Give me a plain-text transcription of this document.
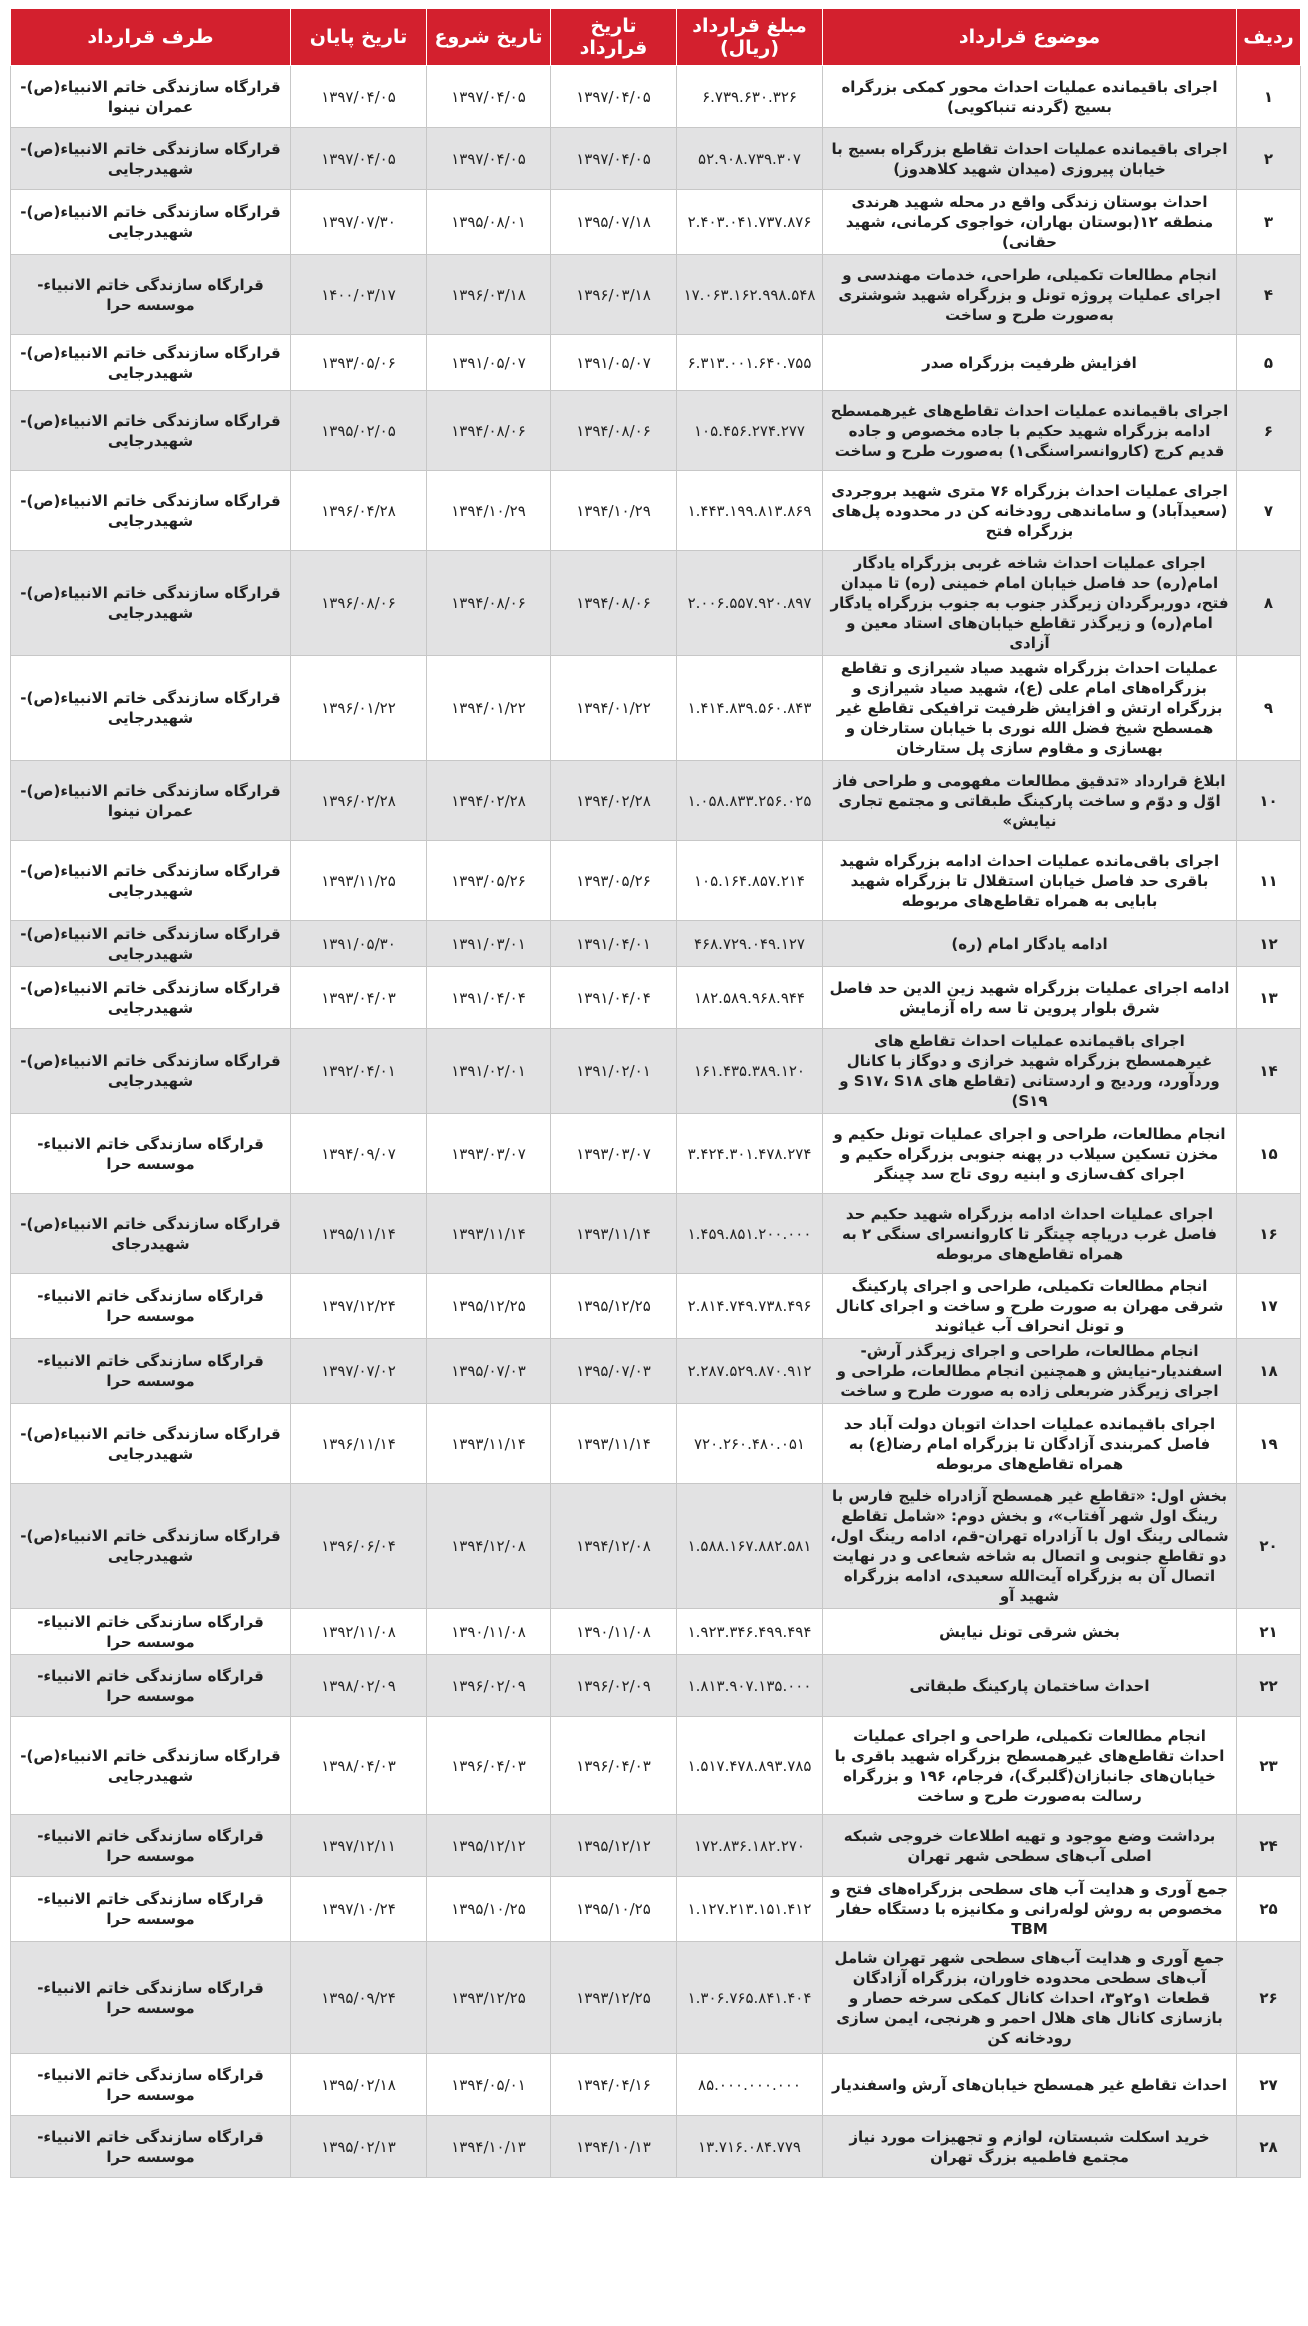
ردیف	موضوع قرارداد	مبلغ قرارداد (ریال)	تاریخ قرارداد	تاریخ شروع	تاریخ پایان	طرف قرارداد
۱	اجرای باقیمانده عملیات احداث محور کمکی بزرگراه بسیج (گردنه تنباکویی)	۶.۷۳۹.۶۳۰.۳۲۶	۱۳۹۷/۰۴/۰۵	۱۳۹۷/۰۴/۰۵	۱۳۹۷/۰۴/۰۵	قرارگاه سازندگی خاتم الانبیاء(ص)-عمران نینوا
۲	اجرای باقیمانده عملیات احداث تقاطع بزرگراه بسیج با خیابان پیروزی (میدان شهید کلاهدوز)	۵۲.۹۰۸.۷۳۹.۳۰۷	۱۳۹۷/۰۴/۰۵	۱۳۹۷/۰۴/۰۵	۱۳۹۷/۰۴/۰۵	قرارگاه سازندگی خاتم الانبیاء(ص)-شهیدرجایی
۳	احداث بوستان زندگی واقع در محله شهید هرندی منطقه ۱۲(بوستان بهاران، خواجوی کرمانی، شهید حقانی)	۲.۴۰۳.۰۴۱.۷۳۷.۸۷۶	۱۳۹۵/۰۷/۱۸	۱۳۹۵/۰۸/۰۱	۱۳۹۷/۰۷/۳۰	قرارگاه سازندگی خاتم الانبیاء(ص)-شهیدرجایی
۴	انجام مطالعات تکمیلی، طراحی، خدمات مهندسی و اجرای عملیات پروژه تونل و بزرگراه شهید شوشتری به‌صورت طرح و ساخت	۱۷.۰۶۳.۱۶۲.۹۹۸.۵۴۸	۱۳۹۶/۰۳/۱۸	۱۳۹۶/۰۳/۱۸	۱۴۰۰/۰۳/۱۷	قرارگاه سازندگی خاتم الانبیاء-موسسه حرا
۵	افزایش ظرفیت بزرگراه صدر	۶.۳۱۳.۰۰۱.۶۴۰.۷۵۵	۱۳۹۱/۰۵/۰۷	۱۳۹۱/۰۵/۰۷	۱۳۹۳/۰۵/۰۶	قرارگاه سازندگی خاتم الانبیاء(ص)-شهیدرجایی
۶	اجرای باقیمانده عملیات احداث تقاطع‌های غیرهمسطح ادامه بزرگراه شهید حکیم با جاده مخصوص و جاده قدیم کرج (کاروانسراسنگی۱) به‌صورت طرح و ساخت	۱۰۵.۴۵۶.۲۷۴.۲۷۷	۱۳۹۴/۰۸/۰۶	۱۳۹۴/۰۸/۰۶	۱۳۹۵/۰۲/۰۵	قرارگاه سازندگی خاتم الانبیاء(ص)-شهیدرجایی
۷	اجرای عملیات احداث بزرگراه ۷۶ متری شهید بروجردی (سعیدآباد) و ساماندهی رودخانه کن در محدوده پل‌های بزرگراه فتح	۱.۴۴۳.۱۹۹.۸۱۳.۸۶۹	۱۳۹۴/۱۰/۲۹	۱۳۹۴/۱۰/۲۹	۱۳۹۶/۰۴/۲۸	قرارگاه سازندگی خاتم الانبیاء(ص)-شهیدرجایی
۸	اجرای عملیات احداث شاخه غربی بزرگراه یادگار امام(ره) حد فاصل خیابان امام خمینی (ره) تا میدان فتح، دوربرگردان زیرگذر جنوب به جنوب بزرگراه یادگار امام(ره) و زیرگذر تقاطع خیابان‌های استاد معین و آزادی	۲.۰۰۶.۵۵۷.۹۲۰.۸۹۷	۱۳۹۴/۰۸/۰۶	۱۳۹۴/۰۸/۰۶	۱۳۹۶/۰۸/۰۶	قرارگاه سازندگی خاتم الانبیاء(ص)-شهیدرجایی
۹	عملیات احداث بزرگراه شهید صیاد شیرازی و تقاطع بزرگراه‌های امام علی (ع)، شهید صیاد شیرازی و بزرگراه ارتش و افزایش ظرفیت ترافیکی تقاطع غیر همسطح شیخ فضل الله نوری با خیابان ستارخان و بهسازی و مقاوم سازی پل ستارخان	۱.۴۱۴.۸۳۹.۵۶۰.۸۴۳	۱۳۹۴/۰۱/۲۲	۱۳۹۴/۰۱/۲۲	۱۳۹۶/۰۱/۲۲	قرارگاه سازندگی خاتم الانبیاء(ص)-شهیدرجایی
۱۰	ابلاغ قرارداد «تدقیق مطالعات مفهومی و طراحی فاز اوّل و دوّم و ساخت پارکینگ طبقاتی و مجتمع تجاری نیایش»	۱.۰۵۸.۸۳۳.۲۵۶.۰۲۵	۱۳۹۴/۰۲/۲۸	۱۳۹۴/۰۲/۲۸	۱۳۹۶/۰۲/۲۸	قرارگاه سازندگی خاتم الانبیاء(ص)-عمران نینوا
۱۱	اجرای باقی‌مانده عملیات احداث ادامه بزرگراه شهید باقری حد فاصل خیابان استقلال تا بزرگراه شهید بابایی به همراه تقاطع‌های مربوطه	۱۰۵.۱۶۴.۸۵۷.۲۱۴	۱۳۹۳/۰۵/۲۶	۱۳۹۳/۰۵/۲۶	۱۳۹۳/۱۱/۲۵	قرارگاه سازندگی خاتم الانبیاء(ص)-شهیدرجایی
۱۲	ادامه یادگار امام (ره)	۴۶۸.۷۲۹.۰۴۹.۱۲۷	۱۳۹۱/۰۴/۰۱	۱۳۹۱/۰۳/۰۱	۱۳۹۱/۰۵/۳۰	قرارگاه سازندگی خاتم الانبیاء(ص)-شهیدرجایی
۱۳	ادامه اجرای عملیات بزرگراه شهید زین الدین حد فاصل شرق بلوار پروین تا سه راه آزمایش	۱۸۲.۵۸۹.۹۶۸.۹۴۴	۱۳۹۱/۰۴/۰۴	۱۳۹۱/۰۴/۰۴	۱۳۹۳/۰۴/۰۳	قرارگاه سازندگی خاتم الانبیاء(ص)-شهیدرجایی
۱۴	اجرای باقیمانده عملیات احداث تقاطع های غیرهمسطح بزرگراه شهید خرازی و دوگاز با کانال وردآورد، وردیج و اردستانی (تقاطع های S۱۷، S۱۸ و S۱۹)	۱۶۱.۴۳۵.۳۸۹.۱۲۰	۱۳۹۱/۰۲/۰۱	۱۳۹۱/۰۲/۰۱	۱۳۹۲/۰۴/۰۱	قرارگاه سازندگی خاتم الانبیاء(ص)-شهیدرجایی
۱۵	انجام مطالعات، طراحی و اجرای عملیات تونل حکیم و مخزن تسکین سیلاب در پهنه جنوبی بزرگراه حکیم و اجرای کف‌سازی و ابنیه روی تاج سد چینگر	۳.۴۲۴.۳۰۱.۴۷۸.۲۷۴	۱۳۹۳/۰۳/۰۷	۱۳۹۳/۰۳/۰۷	۱۳۹۴/۰۹/۰۷	قرارگاه سازندگی خاتم الانبیاء-موسسه حرا
۱۶	اجرای عملیات احداث ادامه بزرگراه شهید حکیم حد فاصل غرب دریاچه چیتگر تا کاروانسرای سنگی ۲ به همراه تقاطع‌های مربوطه	۱.۴۵۹.۸۵۱.۲۰۰.۰۰۰	۱۳۹۳/۱۱/۱۴	۱۳۹۳/۱۱/۱۴	۱۳۹۵/۱۱/۱۴	قرارگاه سازندگی خاتم الانبیاء(ص)-شهیدرجای
۱۷	انجام مطالعات تکمیلی، طراحی و اجرای پارکینگ شرقی مهران به صورت طرح و ساخت و اجرای کانال و تونل انحراف آب غیاثوند	۲.۸۱۴.۷۴۹.۷۳۸.۴۹۶	۱۳۹۵/۱۲/۲۵	۱۳۹۵/۱۲/۲۵	۱۳۹۷/۱۲/۲۴	قرارگاه سازندگی خاتم الانبیاء-موسسه حرا
۱۸	انجام مطالعات، طراحی و اجرای زیرگذر آرش-اسفندیار-نیایش و همچنین انجام مطالعات، طراحی و اجرای زیرگذر ضربعلی زاده به صورت طرح و ساخت	۲.۲۸۷.۵۲۹.۸۷۰.۹۱۲	۱۳۹۵/۰۷/۰۳	۱۳۹۵/۰۷/۰۳	۱۳۹۷/۰۷/۰۲	قرارگاه سازندگی خاتم الانبیاء-موسسه حرا
۱۹	اجرای باقیمانده عملیات احداث اتوبان دولت آباد حد فاصل کمربندی آزادگان تا بزرگراه امام رضا(ع) به همراه تقاطع‌های مربوطه	۷۲۰.۲۶۰.۴۸۰.۰۵۱	۱۳۹۳/۱۱/۱۴	۱۳۹۳/۱۱/۱۴	۱۳۹۶/۱۱/۱۴	قرارگاه سازندگی خاتم الانبیاء(ص)-شهیدرجایی
۲۰	بخش اول: «تقاطع غیر همسطح آزادراه خلیج فارس با رینگ اول شهر آفتاب»، و بخش دوم: «شامل تقاطع شمالی رینگ اول با آزادراه تهران-قم، ادامه رینگ اول، دو تقاطع جنوبی و اتصال به شاخه شعاعی و در نهایت اتصال آن به بزرگراه آیت‌الله سعیدی، ادامه بزرگراه شهید آو	۱.۵۸۸.۱۶۷.۸۸۲.۵۸۱	۱۳۹۴/۱۲/۰۸	۱۳۹۴/۱۲/۰۸	۱۳۹۶/۰۶/۰۴	قرارگاه سازندگی خاتم الانبیاء(ص)-شهیدرجایی
۲۱	بخش شرقی تونل نیایش	۱.۹۲۳.۳۴۶.۴۹۹.۴۹۴	۱۳۹۰/۱۱/۰۸	۱۳۹۰/۱۱/۰۸	۱۳۹۲/۱۱/۰۸	قرارگاه سازندگی خاتم الانبیاء-موسسه حرا
۲۲	احداث ساختمان پارکینگ طبقاتی	۱.۸۱۳.۹۰۷.۱۳۵.۰۰۰	۱۳۹۶/۰۲/۰۹	۱۳۹۶/۰۲/۰۹	۱۳۹۸/۰۲/۰۹	قرارگاه سازندگی خاتم الانبیاء-موسسه حرا
۲۳	انجام مطالعات تکمیلی، طراحی و اجرای عملیات احداث تقاطع‌های غیرهمسطح بزرگراه شهید باقری با خیابان‌های جانبازان(گلبرگ)، فرجام، ۱۹۶ و بزرگراه رسالت به‌صورت طرح و ساخت	۱.۵۱۷.۴۷۸.۸۹۳.۷۸۵	۱۳۹۶/۰۴/۰۳	۱۳۹۶/۰۴/۰۳	۱۳۹۸/۰۴/۰۳	قرارگاه سازندگی خاتم الانبیاء(ص)-شهیدرجایی
۲۴	برداشت وضع موجود و تهیه اطلاعات خروجی شبکه اصلی آب‌های سطحی شهر تهران	۱۷۲.۸۳۶.۱۸۲.۲۷۰	۱۳۹۵/۱۲/۱۲	۱۳۹۵/۱۲/۱۲	۱۳۹۷/۱۲/۱۱	قرارگاه سازندگی خاتم الانبیاء-موسسه حرا
۲۵	جمع آوری و هدایت آب های سطحی بزرگراه‌های فتح و مخصوص به روش لوله‌رانی و مکانیزه با دستگاه حفار TBM	۱.۱۲۷.۲۱۳.۱۵۱.۴۱۲	۱۳۹۵/۱۰/۲۵	۱۳۹۵/۱۰/۲۵	۱۳۹۷/۱۰/۲۴	قرارگاه سازندگی خاتم الانبیاء-موسسه حرا
۲۶	جمع آوری و هدایت آب‌های سطحی شهر تهران شامل آب‌های سطحی محدوده خاوران، بزرگراه آزادگان قطعات ۱و۲و۳، احداث کانال کمکی سرخه حصار و بازسازی کانال های هلال احمر و هرنجی، ایمن سازی رودخانه کن	۱.۳۰۶.۷۶۵.۸۴۱.۴۰۴	۱۳۹۳/۱۲/۲۵	۱۳۹۳/۱۲/۲۵	۱۳۹۵/۰۹/۲۴	قرارگاه سازندگی خاتم الانبیاء-موسسه حرا
۲۷	احداث تقاطع غیر همسطح خیابان‌های آرش واسفندیار	۸۵.۰۰۰.۰۰۰.۰۰۰	۱۳۹۴/۰۴/۱۶	۱۳۹۴/۰۵/۰۱	۱۳۹۵/۰۲/۱۸	قرارگاه سازندگی خاتم الانبیاء-موسسه حرا
۲۸	خرید اسکلت شبستان، لوازم و تجهیزات مورد نیاز مجتمع فاطمیه بزرگ تهران	۱۳.۷۱۶.۰۸۴.۷۷۹	۱۳۹۴/۱۰/۱۳	۱۳۹۴/۱۰/۱۳	۱۳۹۵/۰۲/۱۳	قرارگاه سازندگی خاتم الانبیاء-موسسه حرا
